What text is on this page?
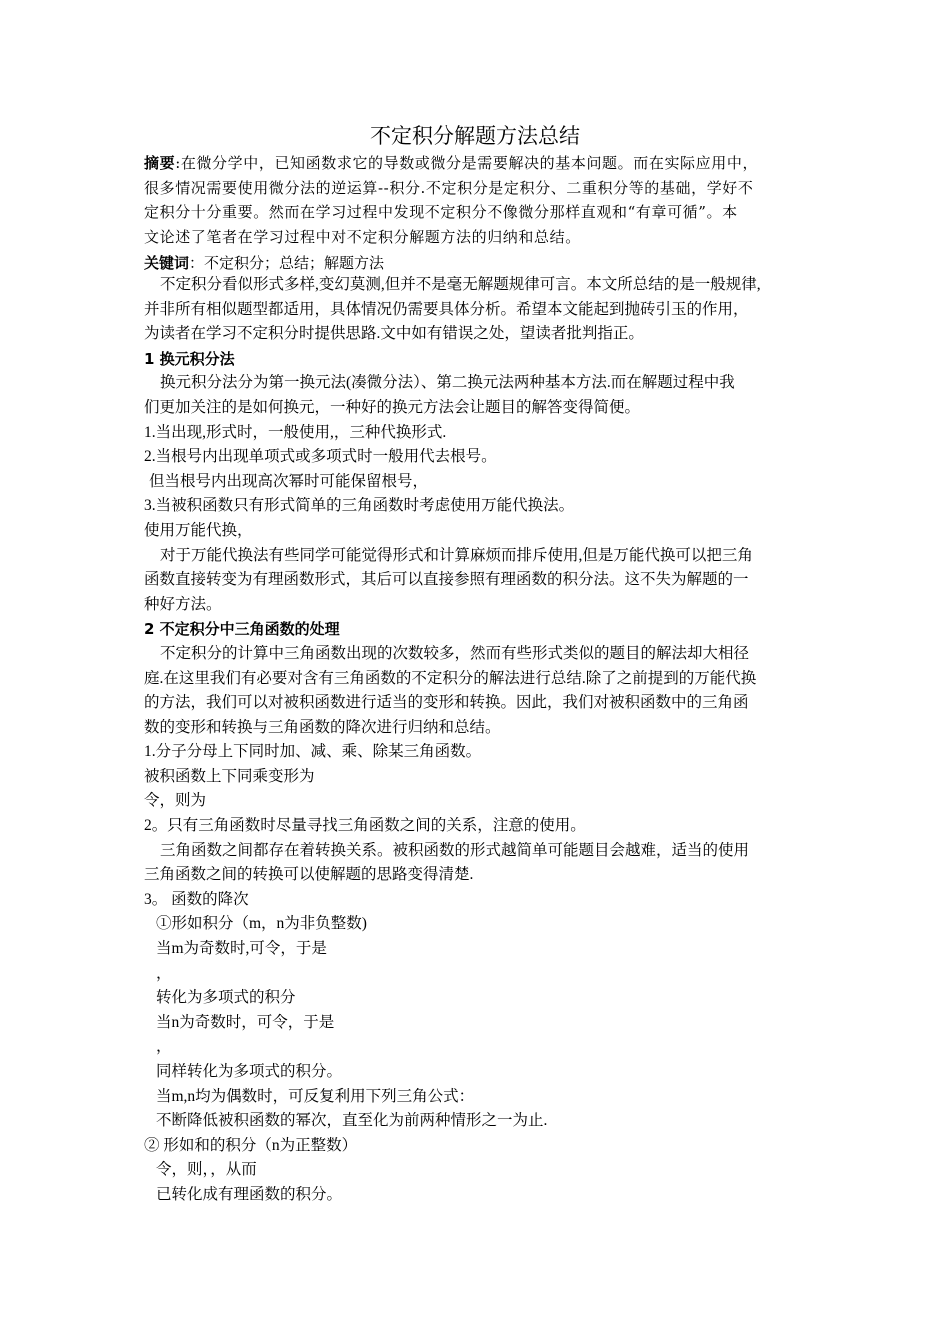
不定积分解题方法总结
摘要:在微分学中，已知函数求它的导数或微分是需要解决的基本问题。而在实际应用中，
很多情况需要使用微分法的逆运算--积分.不定积分是定积分、二重积分等的基础，学好不
定积分十分重要。然而在学习过程中发现不定积分不像微分那样直观和“有章可循”。本
文论述了笔者在学习过程中对不定积分解题方法的归纳和总结。
关键词：不定积分；总结；解题方法
不定积分看似形式多样,变幻莫测,但并不是毫无解题规律可言。本文所总结的是一般规律,
并非所有相似题型都适用，具体情况仍需要具体分析。希望本文能起到抛砖引玉的作用，
为读者在学习不定积分时提供思路.文中如有错误之处，望读者批判指正。
1 换元积分法
换元积分法分为第一换元法(凑微分法）、第二换元法两种基本方法.而在解题过程中我
们更加关注的是如何换元，一种好的换元方法会让题目的解答变得简便。
1.当出现,形式时，一般使用,，三种代换形式.
2.当根号内出现单项式或多项式时一般用代去根号。
但当根号内出现高次幂时可能保留根号，
3.当被积函数只有形式简单的三角函数时考虑使用万能代换法。
使用万能代换，
对于万能代换法有些同学可能觉得形式和计算麻烦而排斥使用,但是万能代换可以把三角
函数直接转变为有理函数形式，其后可以直接参照有理函数的积分法。这不失为解题的一
种好方法。
2 不定积分中三角函数的处理
不定积分的计算中三角函数出现的次数较多，然而有些形式类似的题目的解法却大相径
庭.在这里我们有必要对含有三角函数的不定积分的解法进行总结.除了之前提到的万能代换
的方法，我们可以对被积函数进行适当的变形和转换。因此，我们对被积函数中的三角函
数的变形和转换与三角函数的降次进行归纳和总结。
1.分子分母上下同时加、减、乘、除某三角函数。
被积函数上下同乘变形为
令，则为
2。只有三角函数时尽量寻找三角函数之间的关系，注意的使用。
三角函数之间都存在着转换关系。被积函数的形式越简单可能题目会越难，适当的使用
三角函数之间的转换可以使解题的思路变得清楚.
3。 函数的降次
①形如积分（m，n为非负整数)
当m为奇数时,可令，于是
，
转化为多项式的积分
当n为奇数时，可令，于是
，
同样转化为多项式的积分。
当m,n均为偶数时，可反复利用下列三角公式：
不断降低被积函数的幂次，直至化为前两种情形之一为止.
② 形如和的积分（n为正整数）
令，则，，从而
已转化成有理函数的积分。
